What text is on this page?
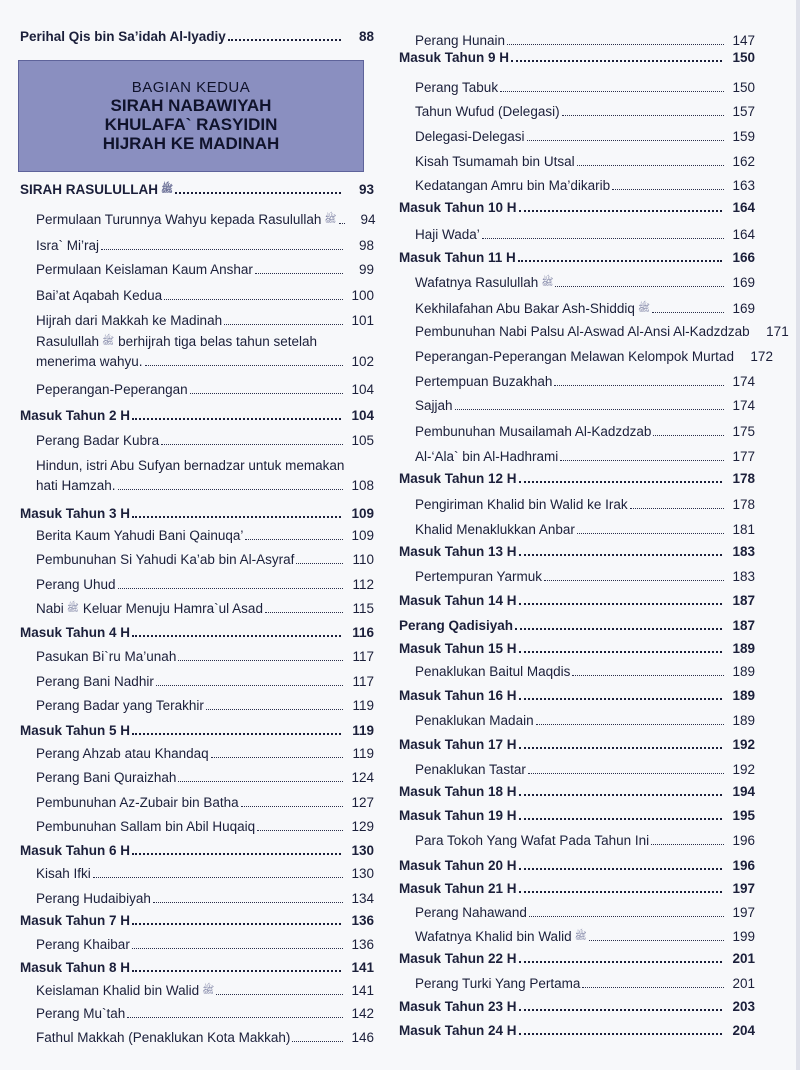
Perihal Qis bin Sa’idah Al-Iyadiy	88
BAGIAN KEDUA
SIRAH NABAWIYAH
KHULAFA` RASYIDIN
HIJRAH KE MADINAH
SIRAH RASULULLAH ﷺ	93
Permulaan Turunnya Wahyu kepada Rasulullah ﷺ	94
Isra` Mi’raj	98
Permulaan Keislaman Kaum Anshar	99
Bai’at Aqabah Kedua	100
Hijrah dari Makkah ke Madinah	101
Rasulullah ﷺ berhijrah tiga belas tahun setelah
menerima wahyu.	102
Peperangan-Peperangan	104
Masuk Tahun 2 H	104
Perang Badar Kubra	105
Hindun, istri Abu Sufyan bernadzar untuk memakan
hati Hamzah.	108
Masuk Tahun 3 H	109
Berita Kaum Yahudi Bani Qainuqa’	109
Pembunuhan Si Yahudi Ka’ab bin Al-Asyraf	110
Perang Uhud	112
Nabi ﷺ Keluar Menuju Hamra`ul Asad	115
Masuk Tahun 4 H	116
Pasukan Bi`ru Ma’unah	117
Perang Bani Nadhir	117
Perang Badar yang Terakhir	119
Masuk Tahun 5 H	119
Perang Ahzab atau Khandaq	119
Perang Bani Quraizhah	124
Pembunuhan Az-Zubair bin Batha	127
Pembunuhan Sallam bin Abil Huqaiq	129
Masuk Tahun 6 H	130
Kisah Ifki	130
Perang Hudaibiyah	134
Masuk Tahun 7 H	136
Perang Khaibar	136
Masuk Tahun 8 H	141
Keislaman Khalid bin Walid ﷺ	141
Perang Mu`tah	142
Fathul Makkah (Penaklukan Kota Makkah)	146
Perang Hunain	147
Masuk Tahun 9 H	150
Perang Tabuk	150
Tahun Wufud (Delegasi)	157
Delegasi-Delegasi	159
Kisah Tsumamah bin Utsal	162
Kedatangan Amru bin Ma’dikarib	163
Masuk Tahun 10 H	164
Haji Wada’	164
Masuk Tahun 11 H	166
Wafatnya Rasulullah ﷺ	169
Kekhilafahan Abu Bakar Ash-Shiddiq ﷺ	169
Pembunuhan Nabi Palsu Al-Aswad Al-Ansi Al-Kadzdzab	171
Peperangan-Peperangan Melawan Kelompok Murtad	172
Pertempuan Buzakhah	174
Sajjah	174
Pembunuhan Musailamah Al-Kadzdzab	175
Al-‘Ala` bin Al-Hadhrami	177
Masuk Tahun 12 H	178
Pengiriman Khalid bin Walid ke Irak	178
Khalid Menaklukkan Anbar	181
Masuk Tahun 13 H	183
Pertempuran Yarmuk	183
Masuk Tahun 14 H	187
Perang Qadisiyah	187
Masuk Tahun 15 H	189
Penaklukan Baitul Maqdis	189
Masuk Tahun 16 H	189
Penaklukan Madain	189
Masuk Tahun 17 H	192
Penaklukan Tastar	192
Masuk Tahun 18 H	194
Masuk Tahun 19 H	195
Para Tokoh Yang Wafat Pada Tahun Ini	196
Masuk Tahun 20 H	196
Masuk Tahun 21 H	197
Perang Nahawand	197
Wafatnya Khalid bin Walid ﷺ	199
Masuk Tahun 22 H	201
Perang Turki Yang Pertama	201
Masuk Tahun 23 H	203
Masuk Tahun 24 H	204
